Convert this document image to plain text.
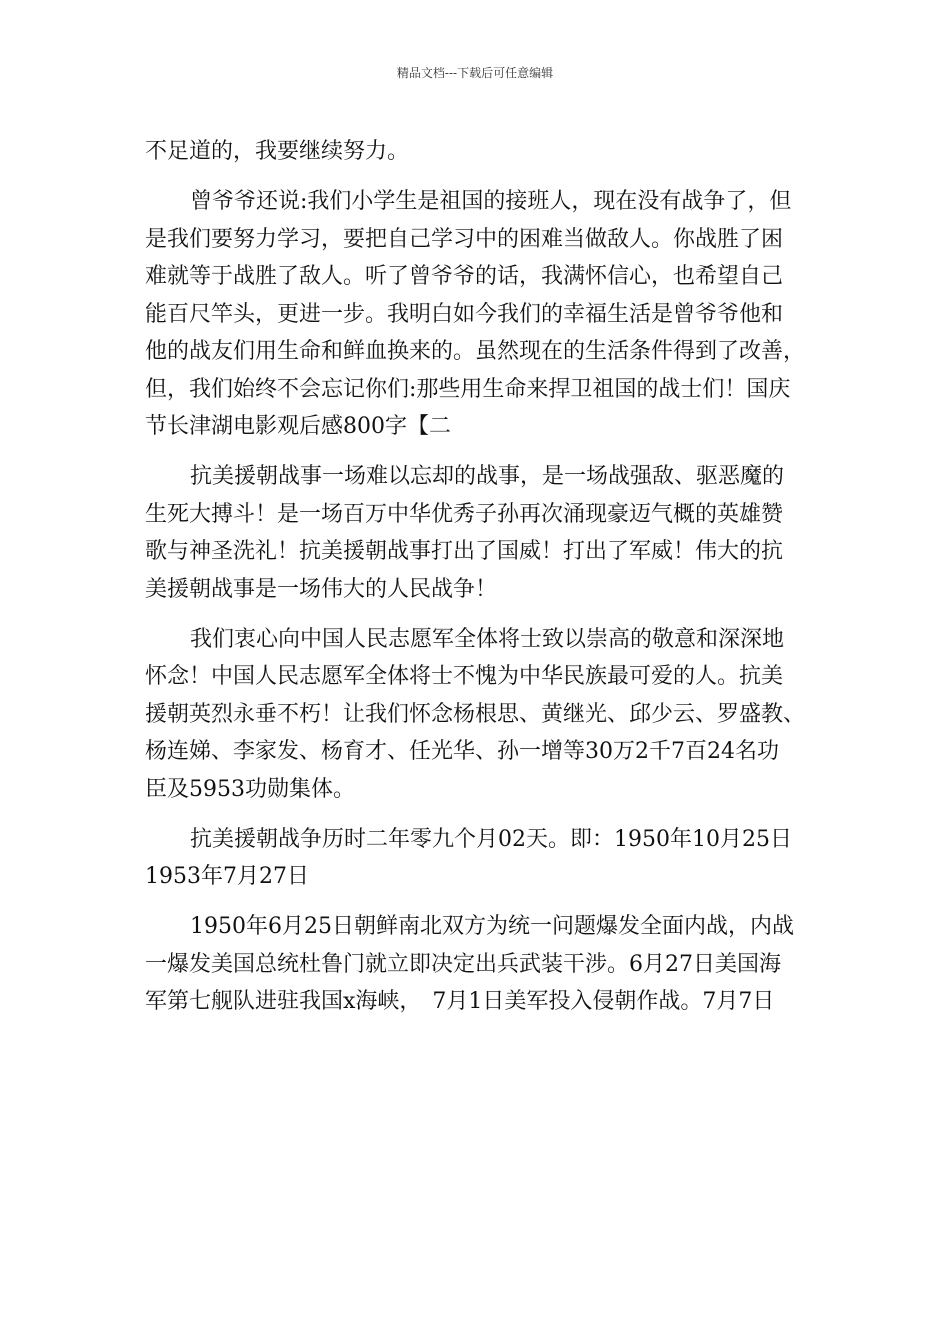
精品文档---下载后可任意编辑
不足道的，我要继续努力。
曾爷爷还说:我们小学生是祖国的接班人，现在没有战争了，但
是我们要努力学习，要把自己学习中的困难当做敌人。你战胜了困
难就等于战胜了敌人。听了曾爷爷的话，我满怀信心，也希望自己
能百尺竿头，更进一步。我明白如今我们的幸福生活是曾爷爷他和
他的战友们用生命和鲜血换来的。虽然现在的生活条件得到了改善，
但，我们始终不会忘记你们:那些用生命来捍卫祖国的战士们！国庆
节长津湖电影观后感800字【二
抗美援朝战事一场难以忘却的战事，是一场战强敌、驱恶魔的
生死大搏斗！是一场百万中华优秀子孙再次涌现豪迈气概的英雄赞
歌与神圣洗礼！抗美援朝战事打出了国威！打出了军威！伟大的抗
美援朝战事是一场伟大的人民战争！
我们衷心向中国人民志愿军全体将士致以崇高的敬意和深深地
怀念！中国人民志愿军全体将士不愧为中华民族最可爱的人。抗美
援朝英烈永垂不朽！让我们怀念杨根思、黄继光、邱少云、罗盛教、
杨连娣、李家发、杨育才、任光华、孙一增等30万2千7百24名功
臣及5953功勋集体。
抗美援朝战争历时二年零九个月02天。即：1950年10月25日
1953年7月27日
1950年6月25日朝鲜南北双方为统一问题爆发全面内战，内战
一爆发美国总统杜鲁门就立即决定出兵武装干涉。6月27日美国海
军第七舰队进驻我国x海峡，　7月1日美军投入侵朝作战。7月7日
